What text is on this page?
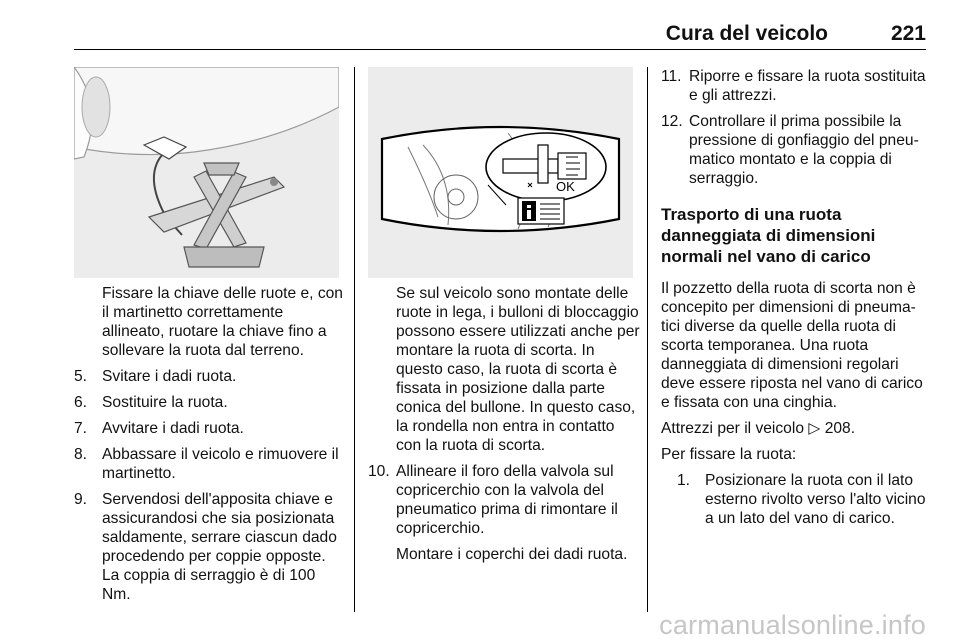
Cura del veicolo	221
OK
Fissare la chiave delle ruote e, con il martinetto correttamente allineato, ruotare la chiave fino a sollevare la ruota dal terreno.
5. Svitare i dadi ruota.
6. Sostituire la ruota.
7. Avvitare i dadi ruota.
8. Abbassare il veicolo e rimuovere il martinetto.
9. Servendosi dell'apposita chiave e assicurandosi che sia posizionata saldamente, serrare ciascun dado procedendo per coppie opposte.
La coppia di serraggio è di 100 Nm.
Se sul veicolo sono montate delle ruote in lega, i bulloni di bloccaggio possono essere utilizzati anche per montare la ruota di scorta. In questo caso, la ruota di scorta è fissata in posizione dalla parte conica del bullone. In questo caso, la rondella non entra in contatto con la ruota di scorta.
10. Allineare il foro della valvola sul copricerchio con la valvola del pneumatico prima di rimontare il copricerchio.
Montare i coperchi dei dadi ruota.
11. Riporre e fissare la ruota sostituita e gli attrezzi.
12. Controllare il prima possibile la pressione di gonfiaggio del pneumatico montato e la coppia di serraggio.
Trasporto di una ruota danneggiata di dimensioni normali nel vano di carico
Il pozzetto della ruota di scorta non è concepito per dimensioni di pneumatici diverse da quelle della ruota di scorta temporanea. Una ruota danneggiata di dimensioni regolari deve essere riposta nel vano di carico e fissata con una cinghia.
Attrezzi per il veicolo ▷ 208.
Per fissare la ruota:
1. Posizionare la ruota con il lato esterno rivolto verso l'alto vicino a un lato del vano di carico.
carmanualsonline.info
